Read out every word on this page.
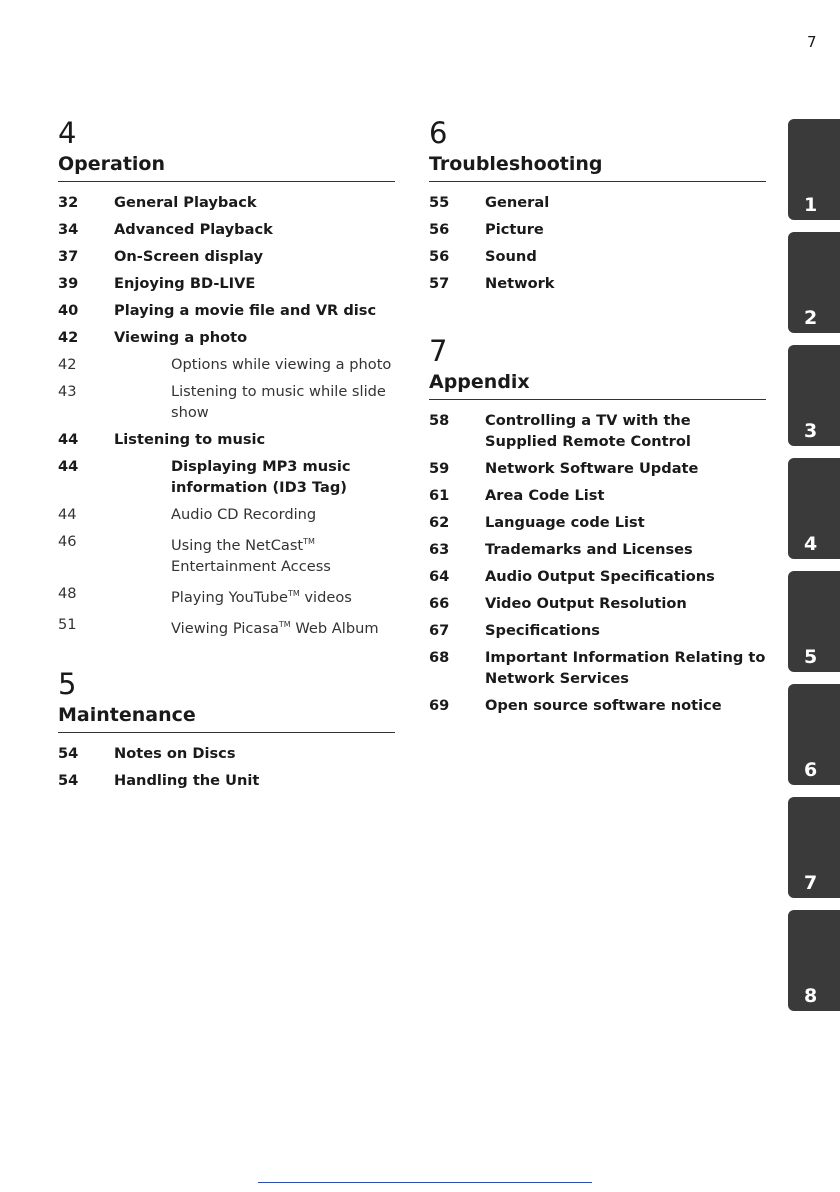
7
4
Operation
32	General Playback
34	Advanced Playback
37	On-Screen display
39	Enjoying BD-LIVE
40	Playing a movie file and VR disc
42	Viewing a photo
42	Options while viewing a photo
43	Listening to music while slide show
44	Listening to music
44	Displaying MP3 music information (ID3 Tag)
44	Audio CD Recording
46	Using the NetCast™ Entertainment Access
48	Playing YouTube™ videos
51	Viewing Picasa™ Web Album
5
Maintenance
54	Notes on Discs
54	Handling the Unit
6
Troubleshooting
55	General
56	Picture
56	Sound
57	Network
7
Appendix
58	Controlling a TV with the Supplied Remote Control
59	Network Software Update
61	Area Code List
62	Language code List
63	Trademarks and Licenses
64	Audio Output Specifications
66	Video Output Resolution
67	Specifications
68	Important Information Relating to Network Services
69	Open source software notice
1
2
3
4
5
6
7
8
